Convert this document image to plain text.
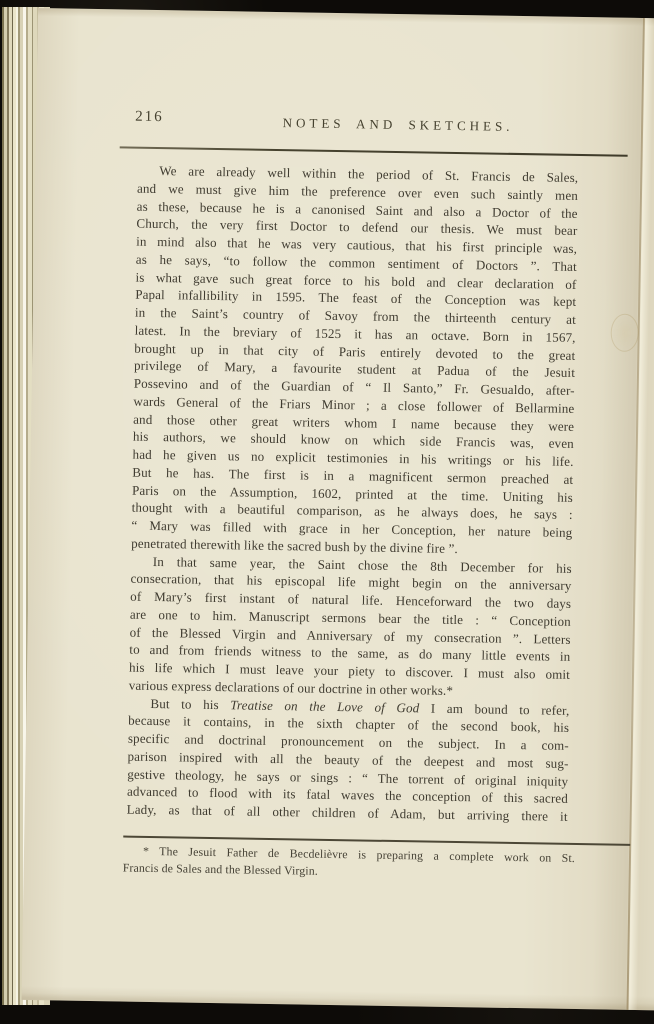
216	NOTES AND SKETCHES.
We are already well within the period of St. Francis de Sales,
and we must give him the preference over even such saintly men
as these, because he is a canonised Saint and also a Doctor of the
Church, the very first Doctor to defend our thesis. We must bear
in mind also that he was very cautious, that his first principle was,
as he says, “to follow the common sentiment of Doctors ”. That
is what gave such great force to his bold and clear declaration of
Papal infallibility in 1595. The feast of the Conception was kept
in the Saint’s country of Savoy from the thirteenth century at
latest. In the breviary of 1525 it has an octave. Born in 1567,
brought up in that city of Paris entirely devoted to the great
privilege of Mary, a favourite student at Padua of the Jesuit
Possevino and of the Guardian of “ Il Santo,” Fr. Gesualdo, after-
wards General of the Friars Minor ; a close follower of Bellarmine
and those other great writers whom I name because they were
his authors, we should know on which side Francis was, even
had he given us no explicit testimonies in his writings or his life.
But he has. The first is in a magnificent sermon preached at
Paris on the Assumption, 1602, printed at the time. Uniting his
thought with a beautiful comparison, as he always does, he says :
“ Mary was filled with grace in her Conception, her nature being
penetrated therewith like the sacred bush by the divine fire ”.
In that same year, the Saint chose the 8th December for his
consecration, that his episcopal life might begin on the anniversary
of Mary’s first instant of natural life. Henceforward the two days
are one to him. Manuscript sermons bear the title : “ Conception
of the Blessed Virgin and Anniversary of my consecration ”. Letters
to and from friends witness to the same, as do many little events in
his life which I must leave your piety to discover. I must also omit
various express declarations of our doctrine in other works.*
But to his Treatise on the Love of God I am bound to refer,
because it contains, in the sixth chapter of the second book, his
specific and doctrinal pronouncement on the subject. In a com-
parison inspired with all the beauty of the deepest and most sug-
gestive theology, he says or sings : “ The torrent of original iniquity
advanced to flood with its fatal waves the conception of this sacred
Lady, as that of all other children of Adam, but arriving there it
* The Jesuit Father de Becdelièvre is preparing a complete work on St.
Francis de Sales and the Blessed Virgin.
